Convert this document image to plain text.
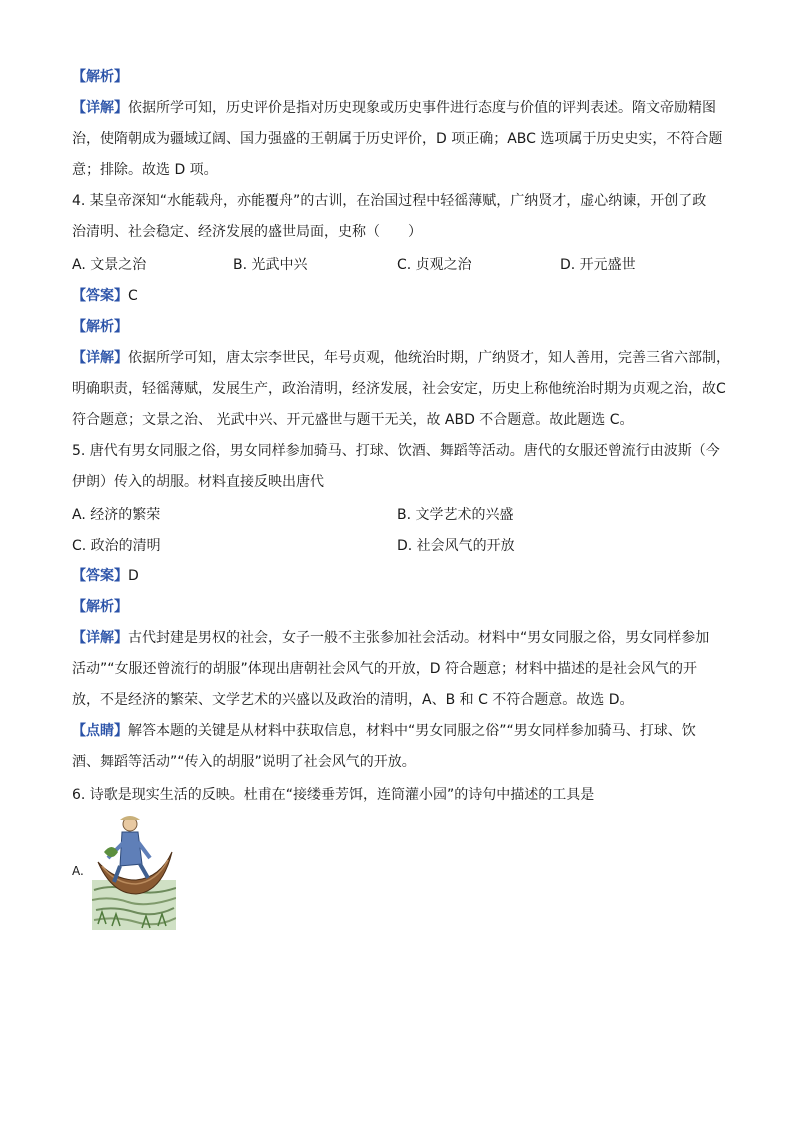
【解析】
【详解】依据所学可知，历史评价是指对历史现象或历史事件进行态度与价值的评判表述。隋文帝励精图
治，使隋朝成为疆域辽阔、国力强盛的王朝属于历史评价，D 项正确；ABC 选项属于历史史实，不符合题
意；排除。故选 D 项。
4. 某皇帝深知“水能载舟，亦能覆舟”的古训，在治国过程中轻徭薄赋，广纳贤才，虚心纳谏，开创了政
治清明、社会稳定、经济发展的盛世局面，史称（　　）
A. 文景之治	B. 光武中兴	C. 贞观之治	D. 开元盛世
【答案】C
【解析】
【详解】依据所学可知，唐太宗李世民，年号贞观，他统治时期，广纳贤才，知人善用，完善三省六部制，
明确职责，轻徭薄赋，发展生产，政治清明，经济发展，社会安定，历史上称他统治时期为贞观之治，故C
符合题意；文景之治、 光武中兴、开元盛世与题干无关，故 ABD 不合题意。故此题选 C。
5. 唐代有男女同服之俗，男女同样参加骑马、打球、饮酒、舞蹈等活动。唐代的女服还曾流行由波斯（今
伊朗）传入的胡服。材料直接反映出唐代
A. 经济的繁荣	B. 文学艺术的兴盛
C. 政治的清明	D. 社会风气的开放
【答案】D
【解析】
【详解】古代封建是男权的社会，女子一般不主张参加社会活动。材料中“男女同服之俗，男女同样参加
活动”“女服还曾流行的胡服”体现出唐朝社会风气的开放，D 符合题意；材料中描述的是社会风气的开
放，不是经济的繁荣、文学艺术的兴盛以及政治的清明，A、B 和 C 不符合题意。故选 D。
【点睛】解答本题的关键是从材料中获取信息，材料中“男女同服之俗”“男女同样参加骑马、打球、饮
酒、舞蹈等活动”“传入的胡服”说明了社会风气的开放。
6. 诗歌是现实生活的反映。杜甫在“接缕垂芳饵，连筒灌小园”的诗句中描述的工具是
A.
